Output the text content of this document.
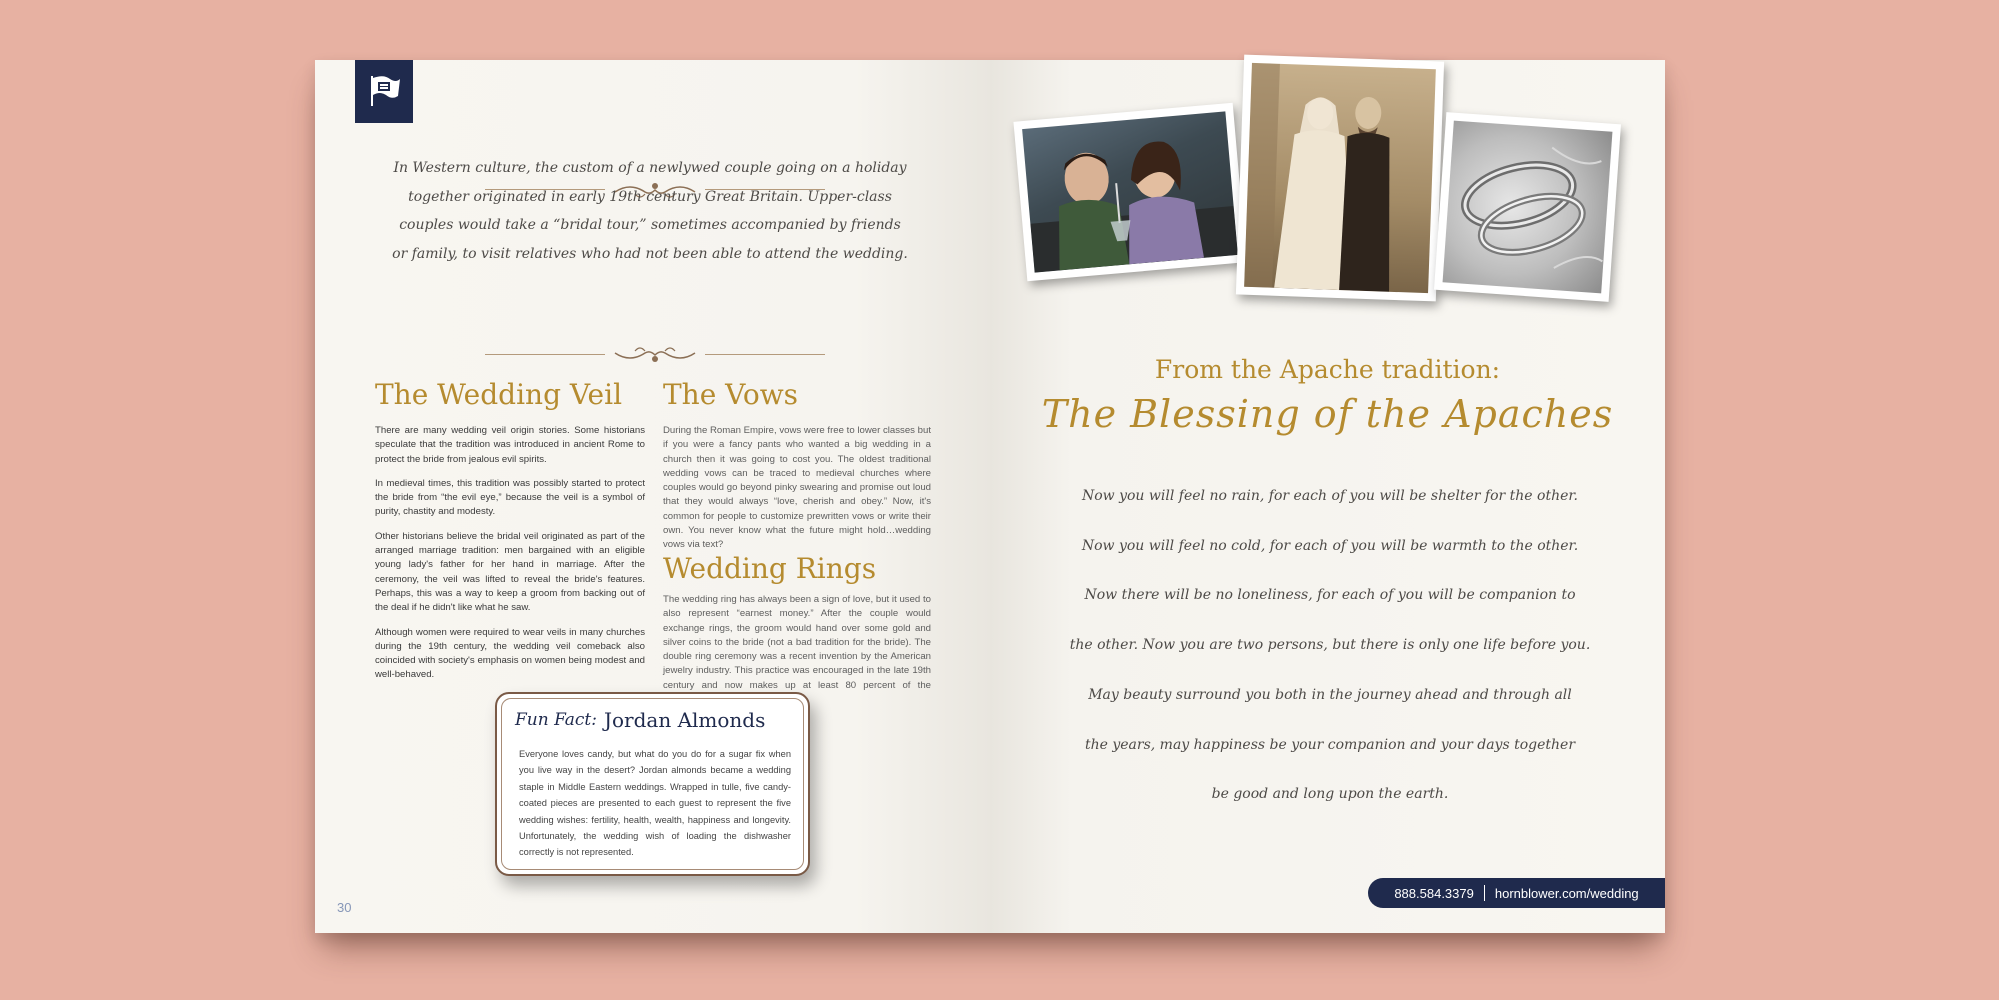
In Western culture, the custom of a newlywed couple going on a holiday together originated in early 19th century Great Britain. Upper-class couples would take a “bridal tour,” sometimes accompanied by friends or family, to visit relatives who had not been able to attend the wedding.
The Wedding Veil

There are many wedding veil origin stories. Some historians speculate that the tradition was introduced in ancient Rome to protect the bride from jealous evil spirits.

In medieval times, this tradition was possibly started to protect the bride from “the evil eye,” because the veil is a symbol of purity, chastity and modesty.

Other historians believe the bridal veil originated as part of the arranged marriage tradition: men bargained with an eligible young lady's father for her hand in marriage. After the ceremony, the veil was lifted to reveal the bride's features. Perhaps, this was a way to keep a groom from backing out of the deal if he didn't like what he saw.

Although women were required to wear veils in many churches during the 19th century, the wedding veil comeback also coincided with society's emphasis on women being modest and well-behaved.

The Vows

During the Roman Empire, vows were free to lower classes but if you were a fancy pants who wanted a big wedding in a church then it was going to cost you. The oldest traditional wedding vows can be traced to medieval churches where couples would go beyond pinky swearing and promise out loud that they would always “love, cherish and obey.” Now, it's common for people to customize prewritten vows or write their own. You never know what the future might hold…wedding vows via text?

Wedding Rings

The wedding ring has always been a sign of love, but it used to also represent “earnest money.” After the couple would exchange rings, the groom would hand over some gold and silver coins to the bride (not a bad tradition for the bride). The double ring ceremony was a recent invention by the American jewelry industry. This practice was encouraged in the late 19th century and now makes up at least 80 percent of the

Fun Fact: Jordan Almonds
Everyone loves candy, but what do you do for a sugar fix when you live way in the desert? Jordan almonds became a wedding staple in Middle Eastern weddings. Wrapped in tulle, five candy-coated pieces are presented to each guest to represent the five wedding wishes: fertility, health, wealth, happiness and longevity. Unfortunately, the wedding wish of loading the dishwasher correctly is not represented.
30
From the Apache tradition:
The Blessing of the Apaches
Now you will feel no rain, for each of you will be shelter for the other.
Now you will feel no cold, for each of you will be warmth to the other.
Now there will be no loneliness, for each of you will be companion to
the other. Now you are two persons, but there is only one life before you.
May beauty surround you both in the journey ahead and through all
the years, may happiness be your companion and your days together
be good and long upon the earth.
888.584.3379 hornblower.com/wedding
